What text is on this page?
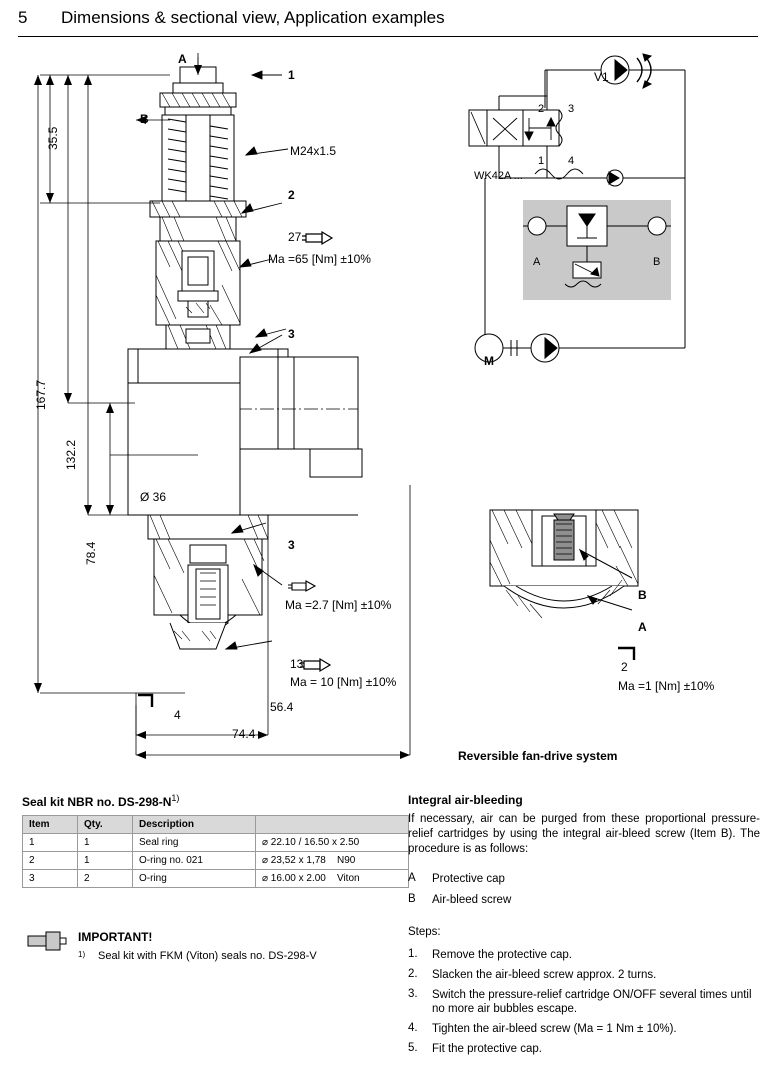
5 Dimensions & sectional view, Application examples
1
2
3
3
A
B
M24x1.5
27
Ma =65 [Nm] ±10%
Ma =2.7 [Nm] ±10%
13
Ma = 10 [Nm] ±10%
4
35.5
167.7
132.2
78.4
Ø 36
56.4
74.4
V1
2 3
1 4
WK42A ...
A	B
M
B
A
2
Ma =1 [Nm] ±10%
Reversible fan-drive system
Seal kit NBR no. $DS-298-N^{1)}$
Item	Qty.	Description	
1	1	Seal ring	⌀ 22.10 / 16.50 x 2.50
2	1	O-ring no. 021	⌀ 23,52 x 1,78 N90
3	2	O-ring	⌀ 16.00 x 2.00 Viton
IMPORTANT!
$^{1)}$ Seal kit with FKM (Viton) seals no. DS-298-V
Integral air-bleeding

If necessary, air can be purged from these proportional pressure-relief cartridges by using the integral air-bleed screw (Item B). The procedure is as follows:

A Protective cap
B Air-bleed screw
Steps:
1. Remove the protective cap.
2. Slacken the air-bleed screw approx. 2 turns.
3. Switch the pressure-relief cartridge ON/OFF several times until no more air bubbles escape.
4. Tighten the air-bleed screw (Ma = 1 Nm ± 10%).
5. Fit the protective cap.
